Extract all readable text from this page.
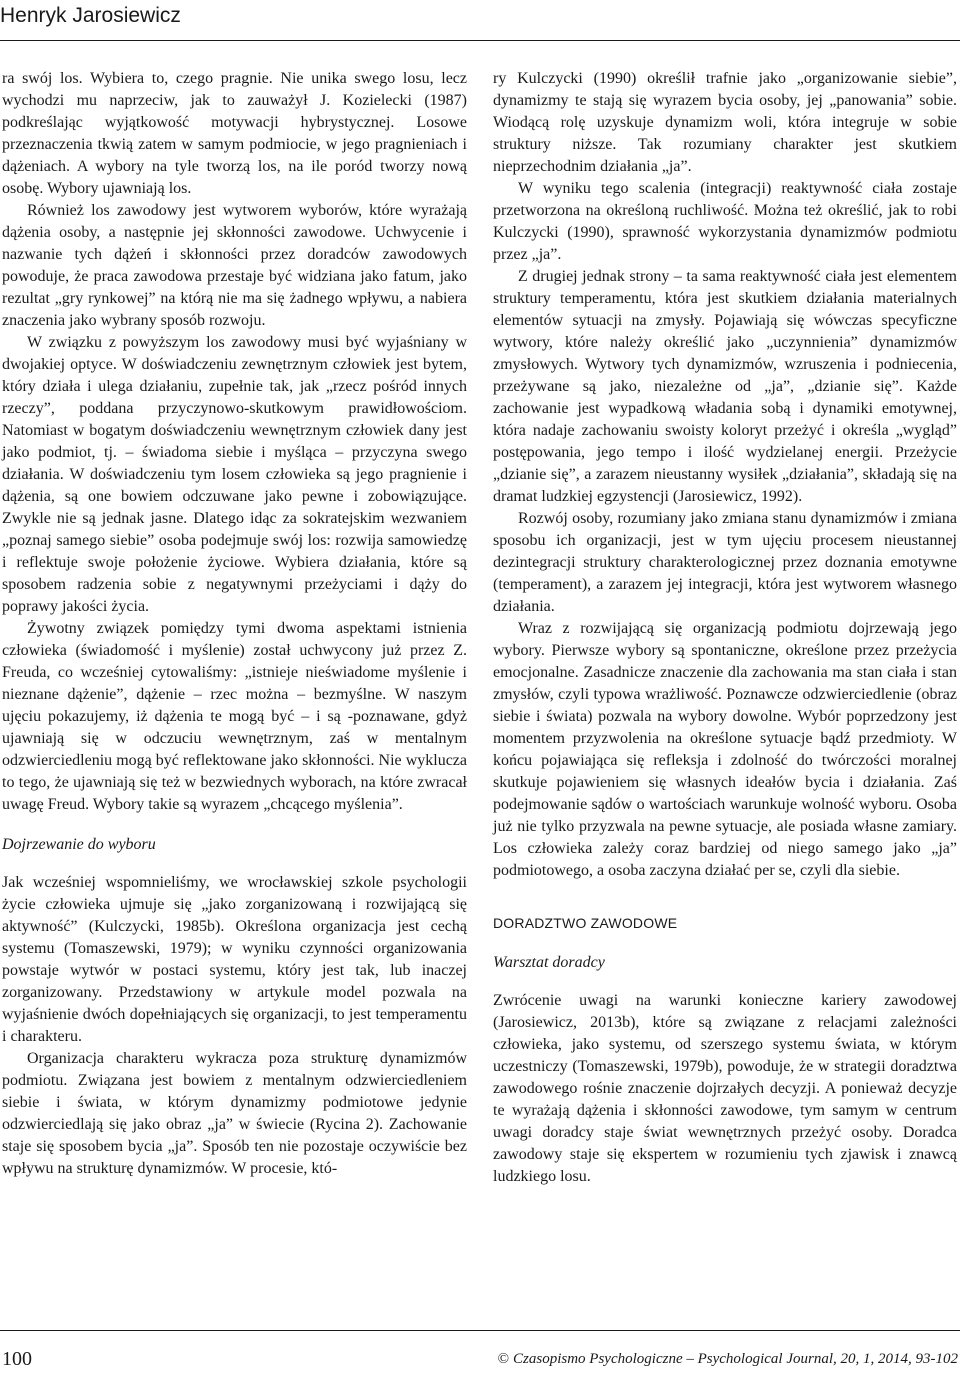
Henryk Jarosiewicz

ra swój los. Wybiera to, czego pragnie. Nie unika swego losu, lecz wychodzi mu naprzeciw, jak to zauważył J. Kozielecki (1987) podkreślając wyjątkowość motywacji hybrystycznej. Losowe przeznaczenia tkwią zatem w samym podmiocie, w jego pragnieniach i dążeniach. A wybory na tyle tworzą los, na ile poród tworzy nową osobę. Wybory ujawniają los.

Również los zawodowy jest wytworem wyborów, które wyrażają dążenia osoby, a następnie jej skłonności zawodowe. Uchwycenie i nazwanie tych dążeń i skłonności przez doradców zawodowych powoduje, że praca zawodowa przestaje być widziana jako fatum, jako rezultat „gry rynkowej” na którą nie ma się żadnego wpływu, a nabiera znaczenia jako wybrany sposób rozwoju.

W związku z powyższym los zawodowy musi być wyjaśniany w dwojakiej optyce. W doświadczeniu zewnętrznym człowiek jest bytem, który działa i ulega działaniu, zupełnie tak, jak „rzecz pośród innych rzeczy”, poddana przyczynowo-skutkowym prawidłowościom. Natomiast w bogatym doświadczeniu wewnętrznym człowiek dany jest jako podmiot, tj. – świadoma siebie i myśląca – przyczyna swego działania. W doświadczeniu tym losem człowieka są jego pragnienie i dążenia, są one bowiem odczuwane jako pewne i zobowiązujące. Zwykle nie są jednak jasne. Dlatego idąc za sokratejskim wezwaniem „poznaj samego siebie” osoba podejmuje swój los: rozwija samowiedzę i reflektuje swoje położenie życiowe. Wybiera działania, które są sposobem radzenia sobie z negatywnymi przeżyciami i dąży do poprawy jakości życia.

Żywotny związek pomiędzy tymi dwoma aspektami istnienia człowieka (świadomość i myślenie) został uchwycony już przez Z. Freuda, co wcześniej cytowaliśmy: „istnieje nieświadome myślenie i nieznane dążenie”, dążenie – rzec można – bezmyślne. W naszym ujęciu pokazujemy, iż dążenia te mogą być – i są -poznawane, gdyż ujawniają się w odczuciu wewnętrznym, zaś w mentalnym odzwierciedleniu mogą być reflektowane jako skłonności. Nie wyklucza to tego, że ujawniają się też w bezwiednych wyborach, na które zwracał uwagę Freud. Wybory takie są wyrazem „chcącego myślenia”.

Dojrzewanie do wyboru

Jak wcześniej wspomnieliśmy, we wrocławskiej szkole psychologii życie człowieka ujmuje się „jako zorganizowaną i rozwijającą się aktywność” (Kulczycki, 1985b). Określona organizacja jest cechą systemu (Tomaszewski, 1979); w wyniku czynności organizowania powstaje wytwór w postaci systemu, który jest tak, lub inaczej zorganizowany. Przedstawiony w artykule model pozwala na wyjaśnienie dwóch dopełniających się organizacji, to jest temperamentu i charakteru.

Organizacja charakteru wykracza poza strukturę dynamizmów podmiotu. Związana jest bowiem z mentalnym odzwierciedleniem siebie i świata, w którym dynamizmy podmiotowe jedynie odzwierciedlają się jako obraz „ja” w świecie (Rycina 2). Zachowanie staje się sposobem bycia „ja”. Sposób ten nie pozostaje oczywiście bez wpływu na strukturę dynamizmów. W procesie, któ-

ry Kulczycki (1990) określił trafnie jako „organizowanie siebie”, dynamizmy te stają się wyrazem bycia osoby, jej „panowania” sobie. Wiodącą rolę uzyskuje dynamizm woli, która integruje w sobie struktury niższe. Tak rozumiany charakter jest skutkiem nieprzechodnim działania „ja”.

W wyniku tego scalenia (integracji) reaktywność ciała zostaje przetworzona na określoną ruchliwość. Można też określić, jak to robi Kulczycki (1990), sprawność wykorzystania dynamizmów podmiotu przez „ja”.

Z drugiej jednak strony – ta sama reaktywność ciała jest elementem struktury temperamentu, która jest skutkiem działania materialnych elementów sytuacji na zmysły. Pojawiają się wówczas specyficzne wytwory, które należy określić jako „uczynnienia” dynamizmów zmysłowych. Wytwory tych dynamizmów, wzruszenia i podniecenia, przeżywane są jako, niezależne od „ja”, „dzianie się”. Każde zachowanie jest wypadkową władania sobą i dynamiki emotywnej, która nadaje zachowaniu swoisty koloryt przeżyć i określa „wygląd” postępowania, jego tempo i ilość wydzielanej energii. Przeżycie „dzianie się”, a zarazem nieustanny wysiłek „działania”, składają się na dramat ludzkiej egzystencji (Jarosiewicz, 1992).

Rozwój osoby, rozumiany jako zmiana stanu dynamizmów i zmiana sposobu ich organizacji, jest w tym ujęciu procesem nieustannej dezintegracji struktury charakterologicznej przez doznania emotywne (temperament), a zarazem jej integracji, która jest wytworem własnego działania.

Wraz z rozwijającą się organizacją podmiotu dojrzewają jego wybory. Pierwsze wybory są spontaniczne, określone przez przeżycia emocjonalne. Zasadnicze znaczenie dla zachowania ma stan ciała i stan zmysłów, czyli typowa wrażliwość. Poznawcze odzwierciedlenie (obraz siebie i świata) pozwala na wybory dowolne. Wybór poprzedzony jest momentem przyzwolenia na określone sytuacje bądź przedmioty. W końcu pojawiająca się refleksja i zdolność do twórczości moralnej skutkuje pojawieniem się własnych ideałów bycia i działania. Zaś podejmowanie sądów o wartościach warunkuje wolność wyboru. Osoba już nie tylko przyzwala na pewne sytuacje, ale posiada własne zamiary. Los człowieka zależy coraz bardziej od niego samego jako „ja” podmiotowego, a osoba zaczyna działać per se, czyli dla siebie.

DORADZTWO ZAWODOWE
Warsztat doradcy

Zwrócenie uwagi na warunki konieczne kariery zawodowej (Jarosiewicz, 2013b), które są związane z relacjami zależności człowieka, jako systemu, od szerszego systemu świata, w którym uczestniczy (Tomaszewski, 1979b), powoduje, że w strategii doradztwa zawodowego rośnie znaczenie dojrzałych decyzji. A ponieważ decyzje te wyrażają dążenia i skłonności zawodowe, tym samym w centrum uwagi doradcy staje świat wewnętrznych przeżyć osoby. Doradca zawodowy staje się ekspertem w rozumieniu tych zjawisk i znawcą ludzkiego losu.

100	© Czasopismo Psychologiczne – Psychological Journal, 20, 1, 2014, 93-102
